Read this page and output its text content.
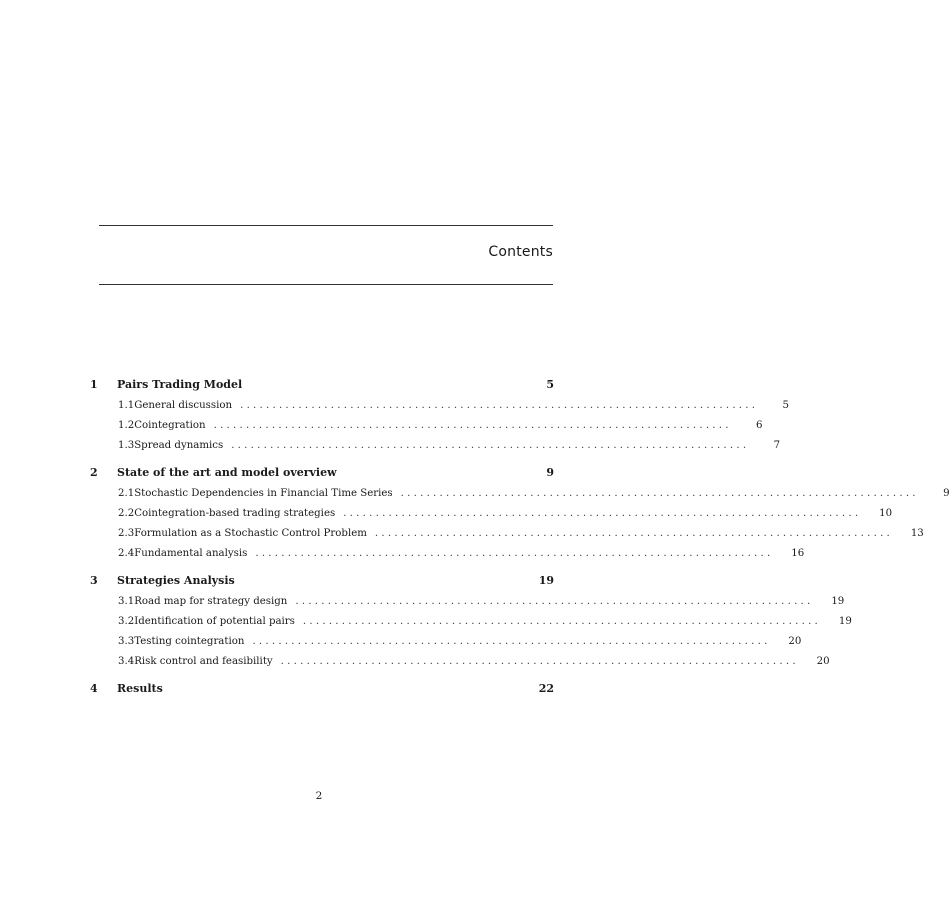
Contents
1	Pairs Trading Model	5
1.1 General discussion . . . . . . . . . . . . . . . . . . . . . . . . . . . . . . . . . . . . . . . . . . . . . . . . . . . . . . . . . . . . . . . . . . . . . . . . . . . . . . . .	5
1.2 Cointegration . . . . . . . . . . . . . . . . . . . . . . . . . . . . . . . . . . . . . . . . . . . . . . . . . . . . . . . . . . . . . . . . . . . . . . . . . . . . . . . .	6
1.3 Spread dynamics . . . . . . . . . . . . . . . . . . . . . . . . . . . . . . . . . . . . . . . . . . . . . . . . . . . . . . . . . . . . . . . . . . . . . . . . . . . . . . . .	7
2	State of the art and model overview	9
2.1 Stochastic Dependencies in Financial Time Series . . . . . . . . . . . . . . . . . . . . . . . . . . . . . . . . . . . . . . . . . . . . . . . . . . . . . . . . . . . . . . . . . . . . . . . . . . . . . . . .	9
2.2 Cointegration-based trading strategies . . . . . . . . . . . . . . . . . . . . . . . . . . . . . . . . . . . . . . . . . . . . . . . . . . . . . . . . . . . . . . . . . . . . . . . . . . . . . . . . 10
2.3 Formulation as a Stochastic Control Problem . . . . . . . . . . . . . . . . . . . . . . . . . . . . . . . . . . . . . . . . . . . . . . . . . . . . . . . . . . . . . . . . . . . . . . . . . . . . . . . . 13
2.4 Fundamental analysis . . . . . . . . . . . . . . . . . . . . . . . . . . . . . . . . . . . . . . . . . . . . . . . . . . . . . . . . . . . . . . . . . . . . . . . . . . . . . . . . 16
3	Strategies Analysis	19
3.1 Road map for strategy design . . . . . . . . . . . . . . . . . . . . . . . . . . . . . . . . . . . . . . . . . . . . . . . . . . . . . . . . . . . . . . . . . . . . . . . . . . . . . . . . 19
3.2 Identification of potential pairs . . . . . . . . . . . . . . . . . . . . . . . . . . . . . . . . . . . . . . . . . . . . . . . . . . . . . . . . . . . . . . . . . . . . . . . . . . . . . . . . 19
3.3 Testing cointegration . . . . . . . . . . . . . . . . . . . . . . . . . . . . . . . . . . . . . . . . . . . . . . . . . . . . . . . . . . . . . . . . . . . . . . . . . . . . . . . . 20
3.4 Risk control and feasibility . . . . . . . . . . . . . . . . . . . . . . . . . . . . . . . . . . . . . . . . . . . . . . . . . . . . . . . . . . . . . . . . . . . . . . . . . . . . . . . . 20
4	Results	22
2
